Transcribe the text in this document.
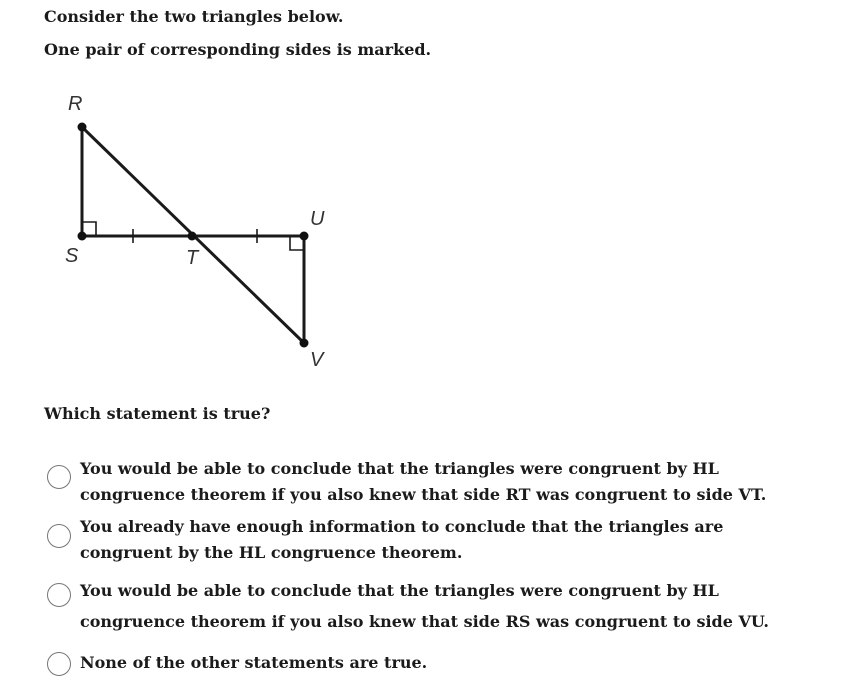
Consider the two triangles below.
One pair of corresponding sides is marked.
R
S	T
U
V
Which statement is true?
You would be able to conclude that the triangles were congruent by HL congruence theorem if you also knew that side RT was congruent to side VT.
You already have enough information to conclude that the triangles are congruent by the HL congruence theorem.
You would be able to conclude that the triangles were congruent by HL congruence theorem if you also knew that side RS was congruent to side VU.
None of the other statements are true.
